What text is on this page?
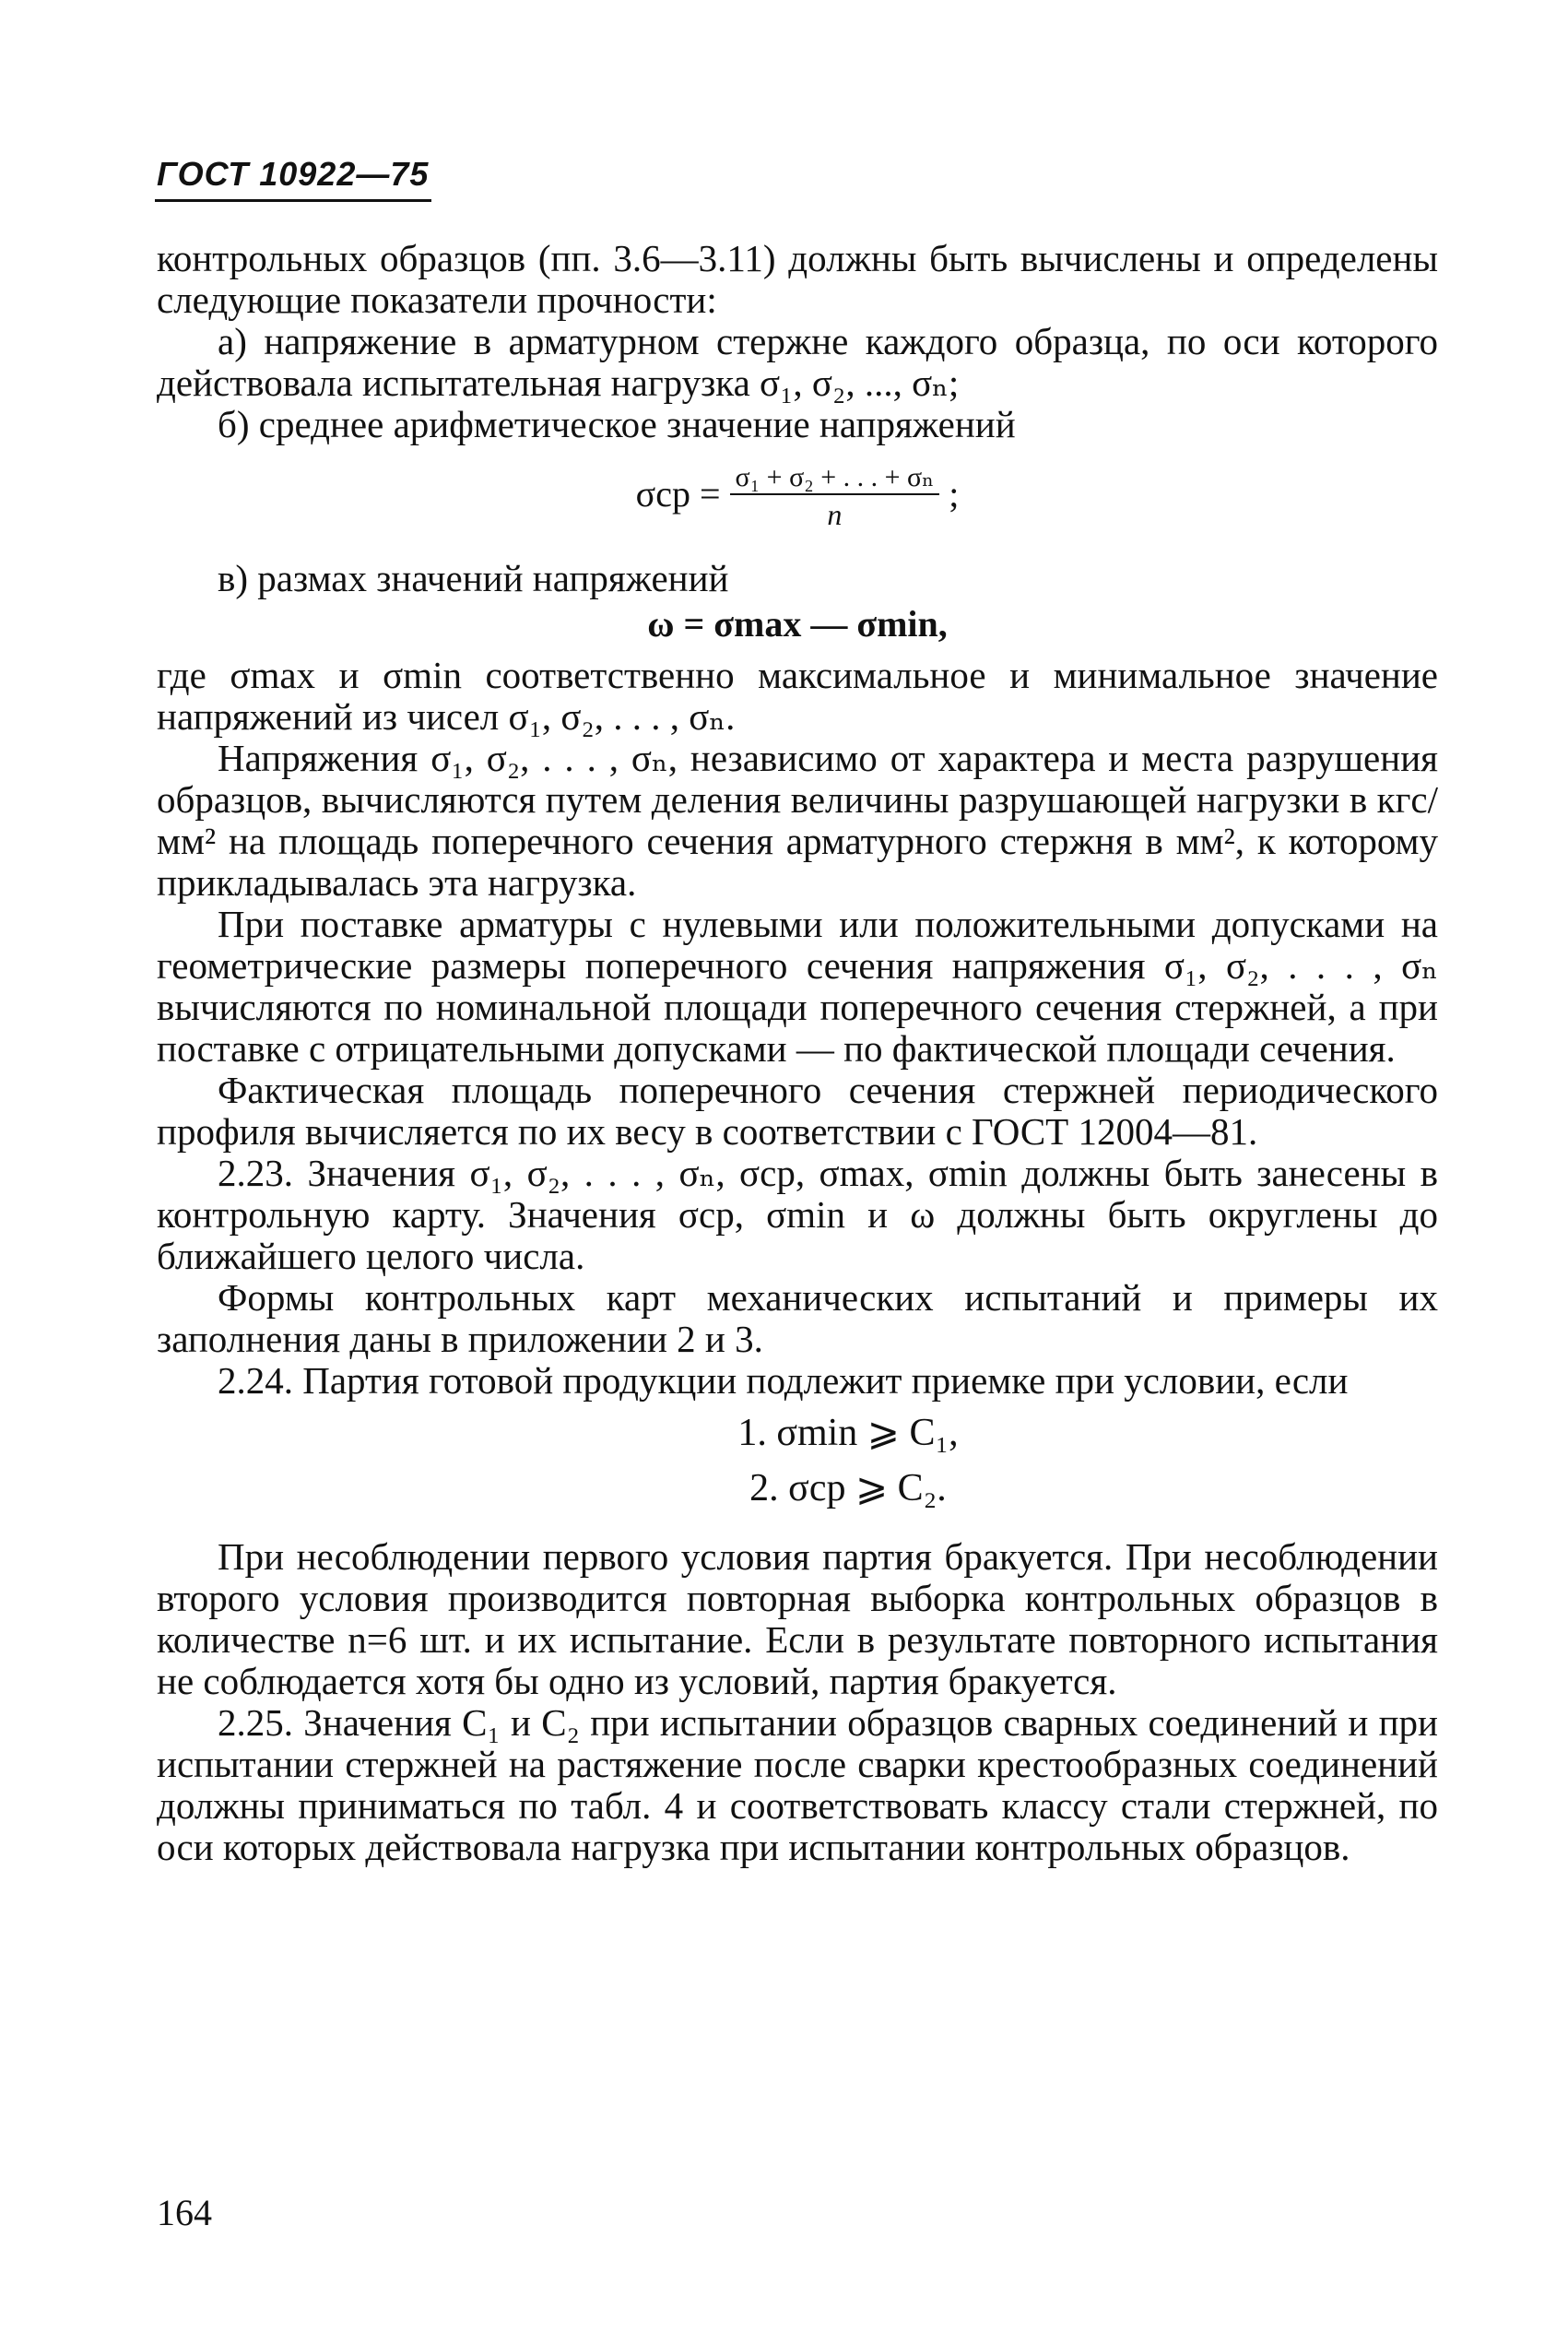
ГОСТ 10922—75

контрольных образцов (пп. 3.6—3.11) должны быть вычислены и определены следующие показатели прочности:

а) напряжение в арматурном стержне каждого образца, по оси которого действовала испытательная нагрузка σ₁, σ₂, ..., σₙ;

б) среднее арифметическое значение напряжений

$\sigma ср = \frac{\text{σ₁ + σ₂ + . . . + σₙ}}{n}$ ;

в) размах значений напряжений

ω = σmax — σmin,

где σmax и σmin соответственно максимальное и минимальное значение напряжений из чисел σ₁, σ₂, . . . , σₙ.

Напряжения σ₁, σ₂, . . . , σₙ, независимо от характера и места разрушения образцов, вычисляются путем деления величины разрушающей нагрузки в кгс/мм² на площадь поперечного сечения арматурного стержня в мм², к которому прикладывалась эта нагрузка.

При поставке арматуры с нулевыми или положительными допусками на геометрические размеры поперечного сечения напряжения σ₁, σ₂, . . . , σₙ вычисляются по номинальной площади поперечного сечения стержней, а при поставке с отрицательными допусками — по фактической площади сечения.

Фактическая площадь поперечного сечения стержней периодического профиля вычисляется по их весу в соответствии с ГОСТ 12004—81.

2.23. Значения σ₁, σ₂, . . . , σₙ, σср, σmax, σmin должны быть занесены в контрольную карту. Значения σср, σmin и ω должны быть округлены до ближайшего целого числа.

Формы контрольных карт механических испытаний и примеры их заполнения даны в приложении 2 и 3.

2.24. Партия готовой продукции подлежит приемке при условии, если

1. σmin ⩾ C₁,
2. σср ⩾ C₂.

При несоблюдении первого условия партия бракуется. При несоблюдении второго условия производится повторная выборка контрольных образцов в количестве n=6 шт. и их испытание. Если в результате повторного испытания не соблюдается хотя бы одно из условий, партия бракуется.

2.25. Значения C₁ и C₂ при испытании образцов сварных соединений и при испытании стержней на растяжение после сварки крестообразных соединений должны приниматься по табл. 4 и соответствовать классу стали стержней, по оси которых действовала нагрузка при испытании контрольных образцов.

164
